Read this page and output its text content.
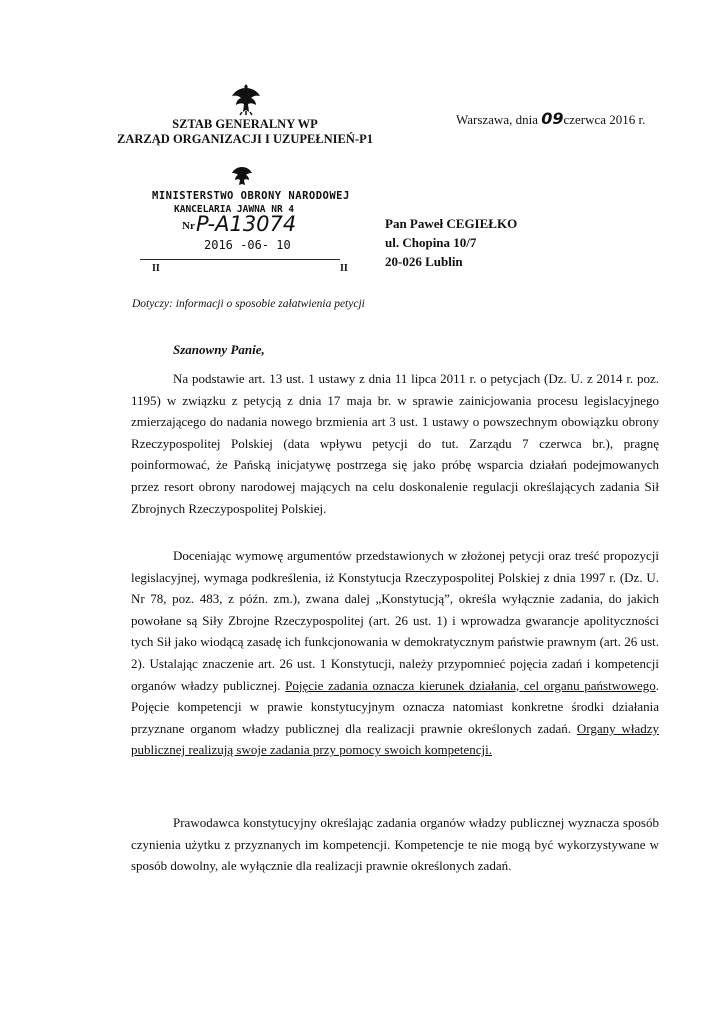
SZTAB GENERALNY WP
ZARZĄD ORGANIZACJI I UZUPEŁNIEŃ-P1
Warszawa, dnia 09czerwca 2016 r.
MINISTERSTWO OBRONY NARODOWEJ
KANCELARIA JAWNA NR 4
Nr P-A13074
2016 -06- 10
II	II
Pan Paweł CEGIEŁKO
ul. Chopina 10/7
20-026 Lublin
Dotyczy: informacji o sposobie załatwienia petycji
Szanowny Panie,

Na podstawie art. 13 ust. 1 ustawy z dnia 11 lipca 2011 r. o petycjach (Dz. U. z 2014 r. poz. 1195) w związku z petycją z dnia 17 maja br. w sprawie zainicjowania procesu legislacyjnego zmierzającego do nadania nowego brzmienia art 3 ust. 1 ustawy o powszechnym obowiązku obrony Rzeczypospolitej Polskiej (data wpływu petycji do tut. Zarządu 7 czerwca br.), pragnę poinformować, że Pańską inicjatywę postrzega się jako próbę wsparcia działań podejmowanych przez resort obrony narodowej mających na celu doskonalenie regulacji określających zadania Sił Zbrojnych Rzeczypospolitej Polskiej.

Doceniając wymowę argumentów przedstawionych w złożonej petycji oraz treść propozycji legislacyjnej, wymaga podkreślenia, iż Konstytucja Rzeczypospolitej Polskiej z dnia 1997 r. (Dz. U. Nr 78, poz. 483, z późn. zm.), zwana dalej „Konstytucją”, określa wyłącznie zadania, do jakich powołane są Siły Zbrojne Rzeczypospolitej (art. 26 ust. 1) i wprowadza gwarancje apolityczności tych Sił jako wiodącą zasadę ich funkcjonowania w demokratycznym państwie prawnym (art. 26 ust. 2). Ustalając znaczenie art. 26 ust. 1 Konstytucji, należy przypomnieć pojęcia zadań i kompetencji organów władzy publicznej. Pojęcie zadania oznacza kierunek działania, cel organu państwowego. Pojęcie kompetencji w prawie konstytucyjnym oznacza natomiast konkretne środki działania przyznane organom władzy publicznej dla realizacji prawnie określonych zadań. Organy władzy publicznej realizują swoje zadania przy pomocy swoich kompetencji.

Prawodawca konstytucyjny określając zadania organów władzy publicznej wyznacza sposób czynienia użytku z przyznanych im kompetencji. Kompetencje te nie mogą być wykorzystywane w sposób dowolny, ale wyłącznie dla realizacji prawnie określonych zadań.
